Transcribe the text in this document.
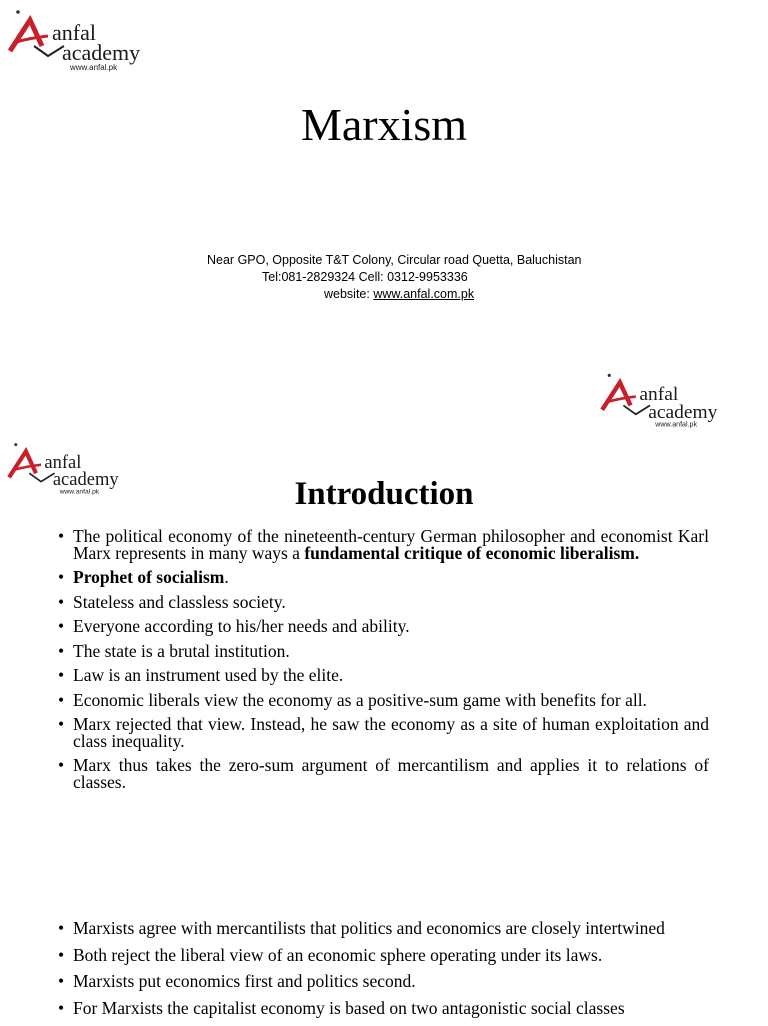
anfal
academy
www.anfal.pk
Marxism
Near GPO, Opposite T&T Colony, Circular road Quetta, Baluchistan
Tel:081-2829324 Cell: 0312-9953336
website: www.anfal.com.pk
anfal
academy
www.anfal.pk
anfal
academy
www.anfal.pk	Introduction
• The political economy of the nineteenth-century German philosopher and economist Karl Marx represents in many ways a fundamental critique of economic liberalism.
• Prophet of socialism.
• Stateless and classless society.
• Everyone according to his/her needs and ability.
• The state is a brutal institution.
• Law is an instrument used by the elite.
• Economic liberals view the economy as a positive-sum game with benefits for all.
• Marx rejected that view. Instead, he saw the economy as a site of human exploitation and class inequality.
• Marx thus takes the zero-sum argument of mercantilism and applies it to relations of classes.
• Marxists agree with mercantilists that politics and economics are closely intertwined
• Both reject the liberal view of an economic sphere operating under its laws.
• Marxists put economics first and politics second.
• For Marxists the capitalist economy is based on two antagonistic social classes
